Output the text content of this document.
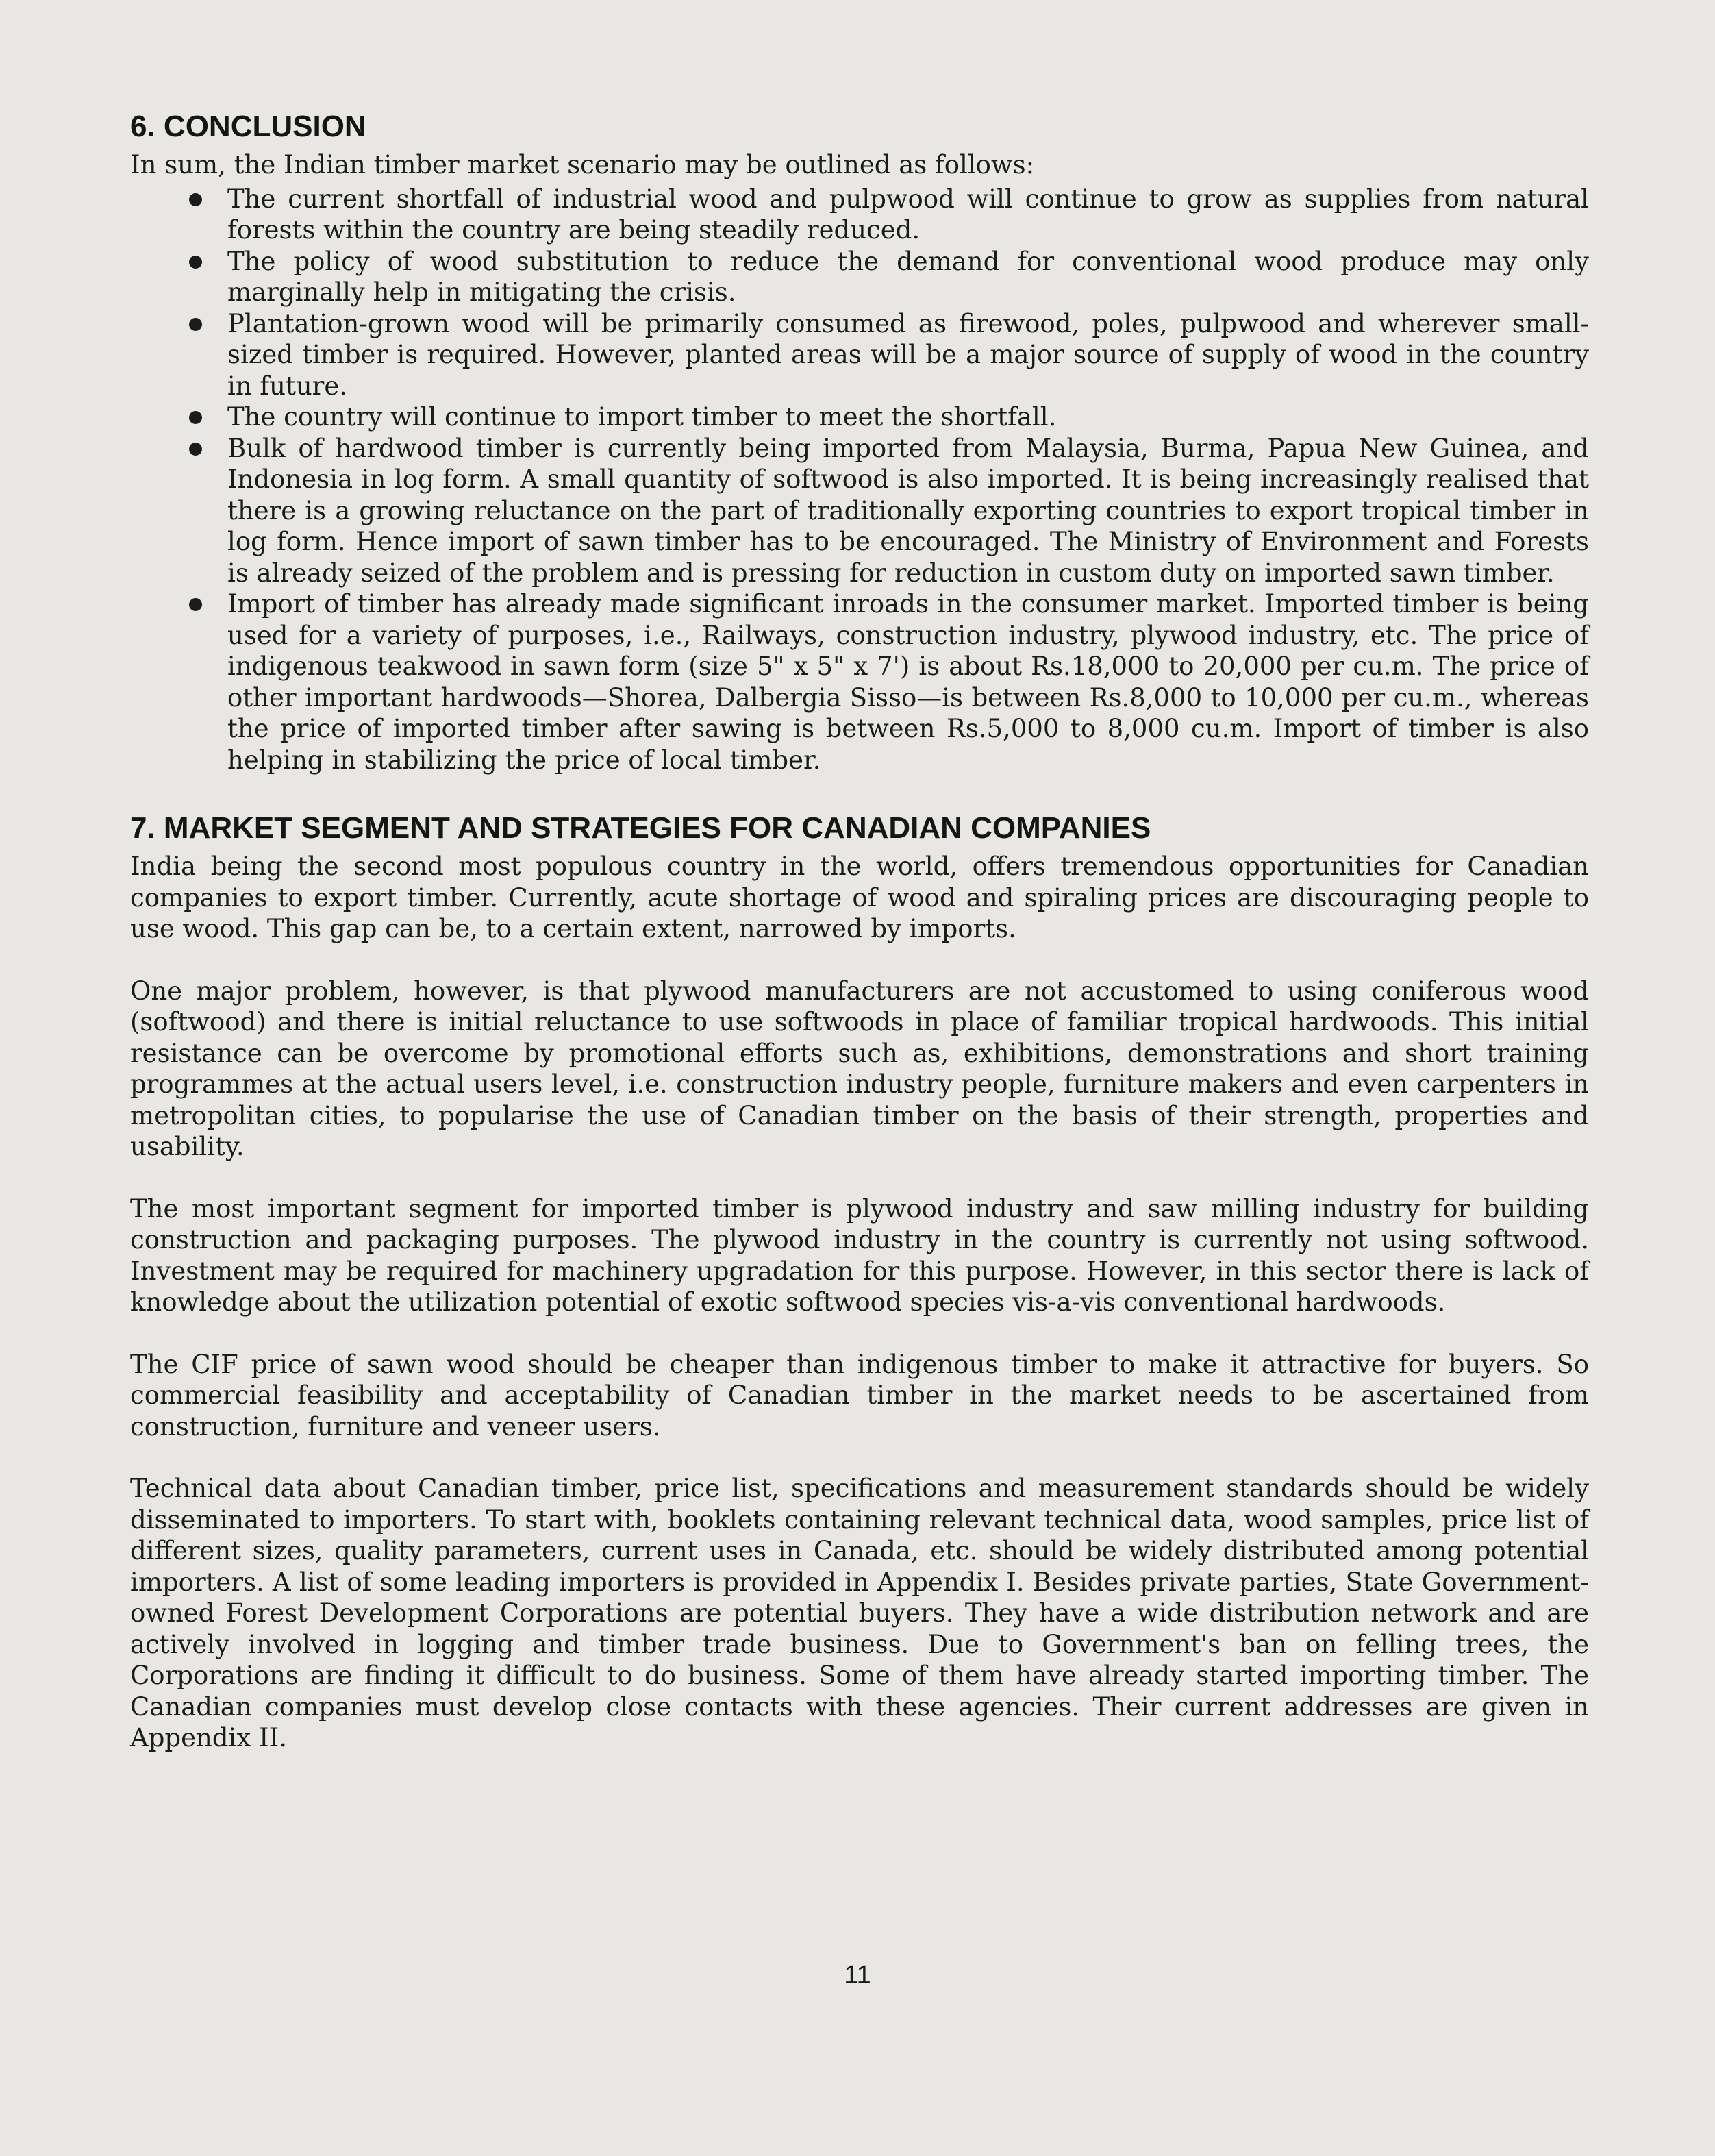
6. CONCLUSION

In sum, the Indian timber market scenario may be outlined as follows:

The current shortfall of industrial wood and pulpwood will continue to grow as supplies from natural forests within the country are being steadily reduced.
The policy of wood substitution to reduce the demand for conventional wood produce may only marginally help in mitigating the crisis.
Plantation-grown wood will be primarily consumed as firewood, poles, pulpwood and wherever small-sized timber is required. However, planted areas will be a major source of supply of wood in the country in future.
The country will continue to import timber to meet the shortfall.
Bulk of hardwood timber is currently being imported from Malaysia, Burma, Papua New Guinea, and Indonesia in log form. A small quantity of softwood is also imported. It is being increasingly realised that there is a growing reluctance on the part of traditionally exporting countries to export tropical timber in log form. Hence import of sawn timber has to be encouraged. The Ministry of Environment and Forests is already seized of the problem and is pressing for reduction in custom duty on imported sawn timber.
Import of timber has already made significant inroads in the consumer market. Imported timber is being used for a variety of purposes, i.e., Railways, construction industry, plywood industry, etc. The price of indigenous teakwood in sawn form (size 5" x 5" x 7') is about Rs.18,000 to 20,000 per cu.m. The price of other important hardwoods—Shorea, Dalbergia Sisso—is between Rs.8,000 to 10,000 per cu.m., whereas the price of imported timber after sawing is between Rs.5,000 to 8,000 cu.m. Import of timber is also helping in stabilizing the price of local timber.
7. MARKET SEGMENT AND STRATEGIES FOR CANADIAN COMPANIES

India being the second most populous country in the world, offers tremendous opportunities for Canadian companies to export timber. Currently, acute shortage of wood and spiraling prices are discouraging people to use wood. This gap can be, to a certain extent, narrowed by imports.

One major problem, however, is that plywood manufacturers are not accustomed to using coniferous wood (softwood) and there is initial reluctance to use softwoods in place of familiar tropical hardwoods. This initial resistance can be overcome by promotional efforts such as, exhibitions, demonstrations and short training programmes at the actual users level, i.e. construction industry people, furniture makers and even carpenters in metropolitan cities, to popularise the use of Canadian timber on the basis of their strength, properties and usability.

The most important segment for imported timber is plywood industry and saw milling industry for building construction and packaging purposes. The plywood industry in the country is currently not using softwood. Investment may be required for machinery upgradation for this purpose. However, in this sector there is lack of knowledge about the utilization potential of exotic softwood species vis-a-vis conventional hardwoods.

The CIF price of sawn wood should be cheaper than indigenous timber to make it attractive for buyers. So commercial feasibility and acceptability of Canadian timber in the market needs to be ascertained from construction, furniture and veneer users.

Technical data about Canadian timber, price list, specifications and measurement standards should be widely disseminated to importers. To start with, booklets containing relevant technical data, wood samples, price list of different sizes, quality parameters, current uses in Canada, etc. should be widely distributed among potential importers. A list of some leading importers is provided in Appendix I. Besides private parties, State Government-owned Forest Development Corporations are potential buyers. They have a wide distribution network and are actively involved in logging and timber trade business. Due to Government's ban on felling trees, the Corporations are finding it difficult to do business. Some of them have already started importing timber. The Canadian companies must develop close contacts with these agencies. Their current addresses are given in Appendix II.

11
